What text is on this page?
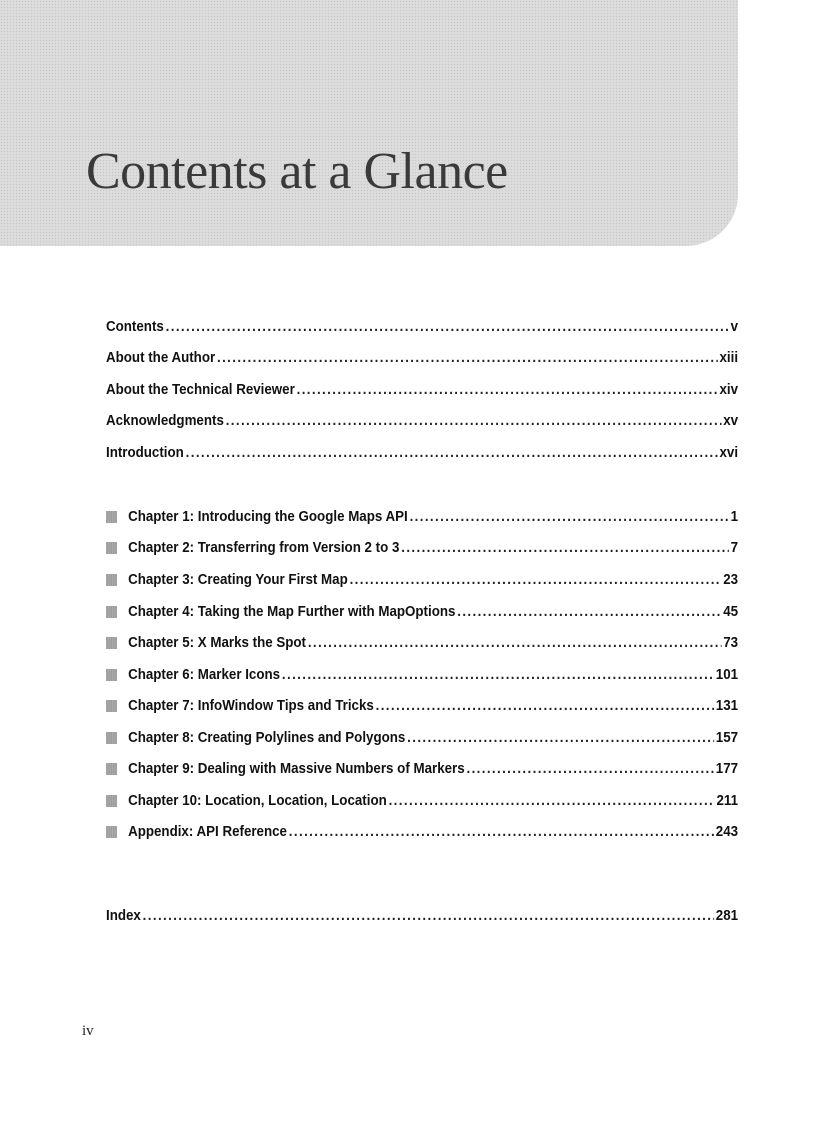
Contents at a Glance
Contents .....	v
About the Author .....	xiii
About the Technical Reviewer .....	xiv
Acknowledgments .....	xv
Introduction .....	xvi
Chapter 1: Introducing the Google Maps API .....	1
Chapter 2: Transferring from Version 2 to 3 .....	7
Chapter 3: Creating Your First Map .....	23
Chapter 4: Taking the Map Further with MapOptions .....	45
Chapter 5: X Marks the Spot .....	73
Chapter 6: Marker Icons .....	101
Chapter 7: InfoWindow Tips and Tricks .....	131
Chapter 8: Creating Polylines and Polygons .....	157
Chapter 9: Dealing with Massive Numbers of Markers .....	177
Chapter 10: Location, Location, Location .....	211
Appendix: API Reference .....	243
Index .....	281
iv
